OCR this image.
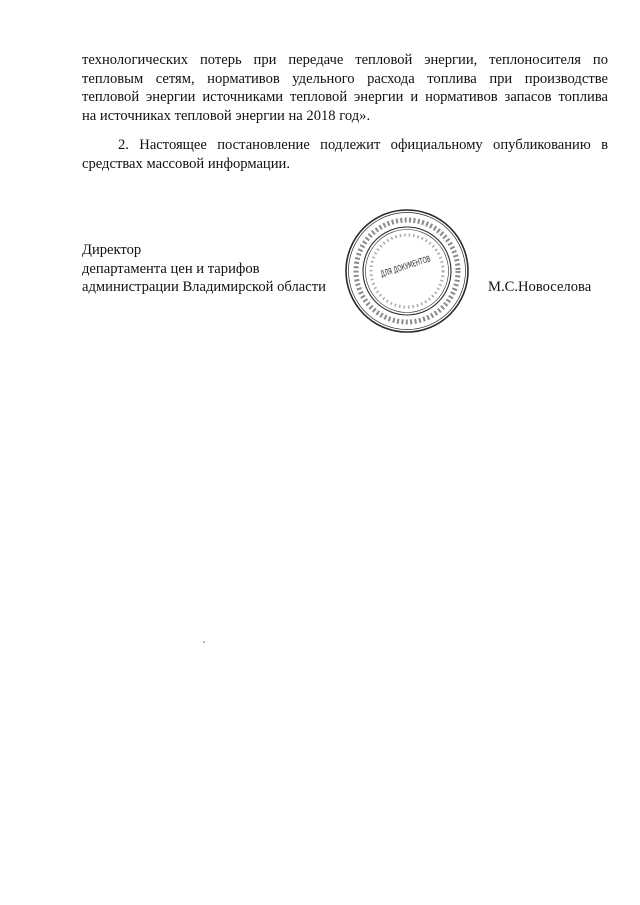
технологических потерь при передаче тепловой энергии, теплоносителя по
тепловым сетям, нормативов удельного расхода топлива при производстве
тепловой энергии источниками тепловой энергии и нормативов запасов топлива
на источниках тепловой энергии на 2018 год».
2. Настоящее постановление подлежит официальному опубликованию в
средствах массовой информации.
Директор
департамента цен и тарифов
администрации Владимирской области
ДЛЯ ДОКУМЕНТОВ
М.С.Новоселова
